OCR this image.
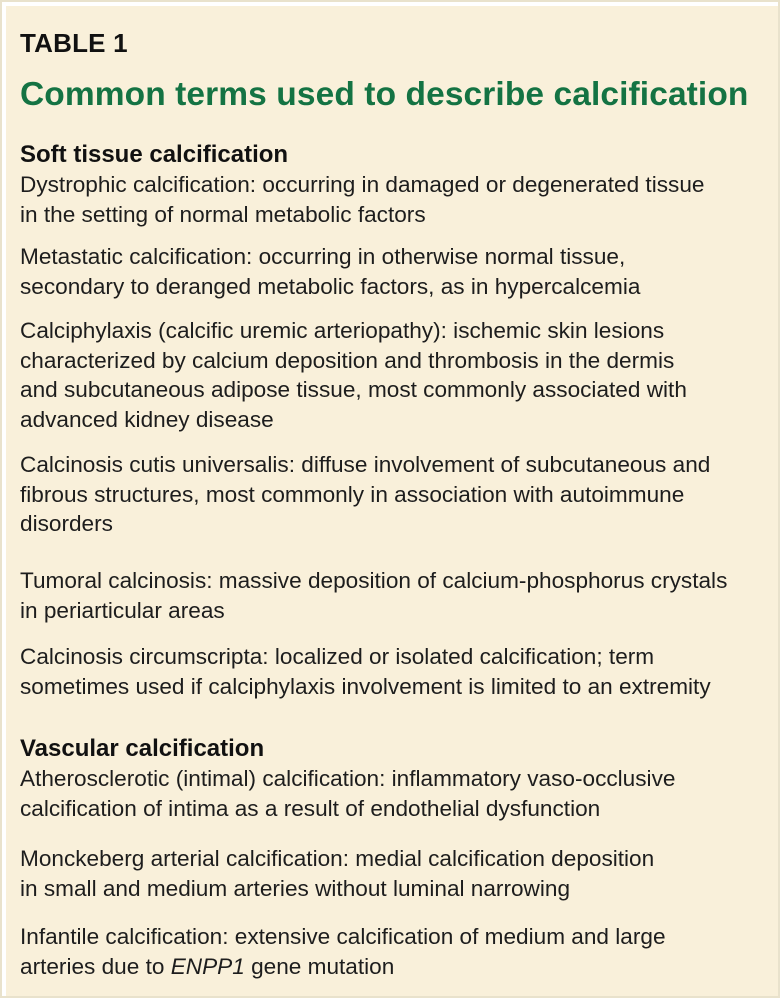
TABLE 1
Common terms used to describe calcification
Soft tissue calcification
Dystrophic calcification: occurring in damaged or degenerated tissue
in the setting of normal metabolic factors
Metastatic calcification: occurring in otherwise normal tissue,
secondary to deranged metabolic factors, as in hypercalcemia
Calciphylaxis (calcific uremic arteriopathy): ischemic skin lesions
characterized by calcium deposition and thrombosis in the dermis
and subcutaneous adipose tissue, most commonly associated with
advanced kidney disease
Calcinosis cutis universalis: diffuse involvement of subcutaneous and
fibrous structures, most commonly in association with autoimmune
disorders
Tumoral calcinosis: massive deposition of calcium-phosphorus crystals
in periarticular areas
Calcinosis circumscripta: localized or isolated calcification; term
sometimes used if calciphylaxis involvement is limited to an extremity
Vascular calcification
Atherosclerotic (intimal) calcification: inflammatory vaso-occlusive
calcification of intima as a result of endothelial dysfunction
Monckeberg arterial calcification: medial calcification deposition
in small and medium arteries without luminal narrowing
Infantile calcification: extensive calcification of medium and large
arteries due to ENPP1 gene mutation
